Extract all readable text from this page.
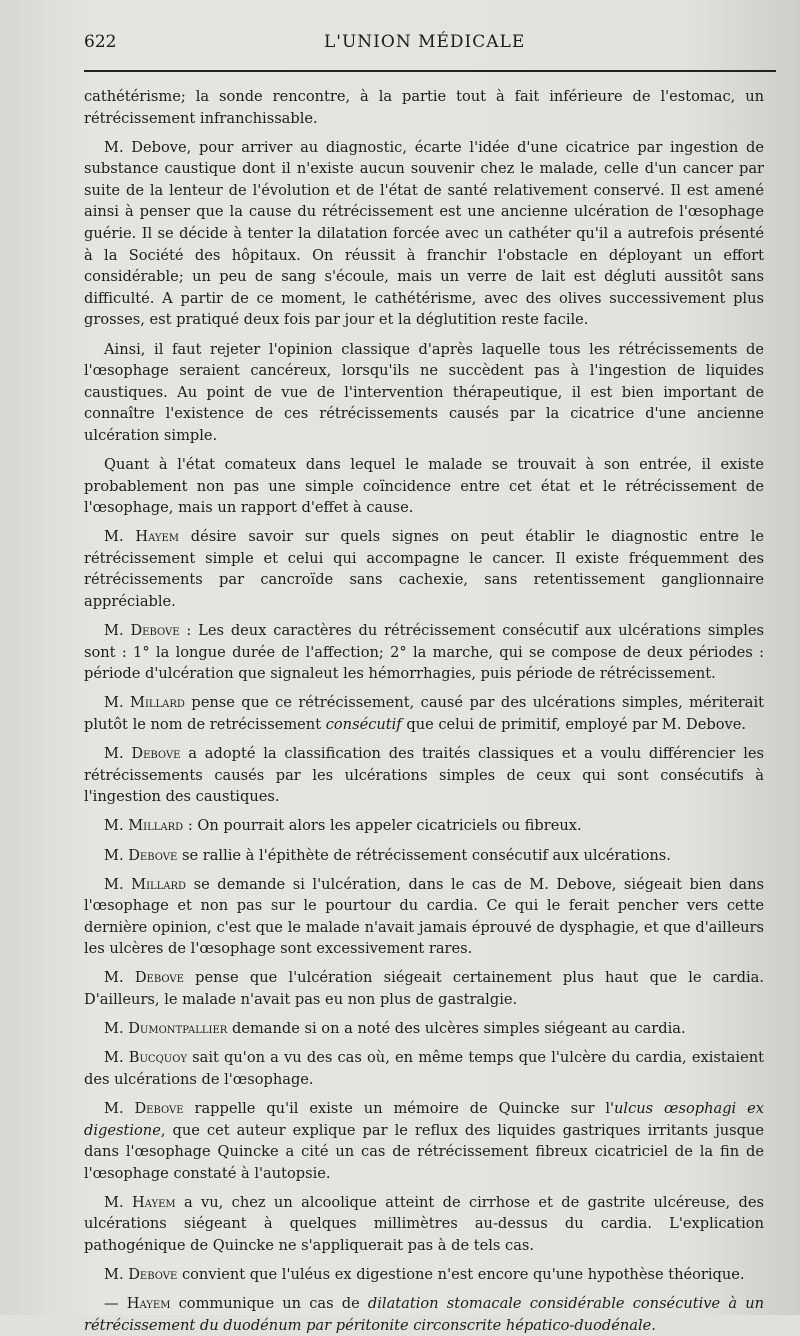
622	L'UNION MÉDICALE

cathétérisme; la sonde rencontre, à la partie tout à fait inférieure de l'estomac, un rétrécissement infranchissable.

M. Debove, pour arriver au diagnostic, écarte l'idée d'une cicatrice par ingestion de substance caustique dont il n'existe aucun souvenir chez le malade, celle d'un cancer par suite de la lenteur de l'évolution et de l'état de santé relativement conservé. Il est amené ainsi à penser que la cause du rétrécissement est une ancienne ulcération de l'œsophage guérie. Il se décide à tenter la dilatation forcée avec un cathéter qu'il a autrefois présenté à la Société des hôpitaux. On réussit à franchir l'obstacle en déployant un effort considérable; un peu de sang s'écoule, mais un verre de lait est dégluti aussitôt sans difficulté. A partir de ce moment, le cathétérisme, avec des olives successivement plus grosses, est pratiqué deux fois par jour et la déglutition reste facile.

Ainsi, il faut rejeter l'opinion classique d'après laquelle tous les rétrécissements de l'œsophage seraient cancéreux, lorsqu'ils ne succèdent pas à l'ingestion de liquides caustiques. Au point de vue de l'intervention thérapeutique, il est bien important de connaître l'existence de ces rétrécissements causés par la cicatrice d'une ancienne ulcération simple.

Quant à l'état comateux dans lequel le malade se trouvait à son entrée, il existe probablement non pas une simple coïncidence entre cet état et le rétrécissement de l'œsophage, mais un rapport d'effet à cause.

M. Hayem désire savoir sur quels signes on peut établir le diagnostic entre le rétrécissement simple et celui qui accompagne le cancer. Il existe fréquemment des rétrécissements par cancroïde sans cachexie, sans retentissement ganglionnaire appréciable.

M. Debove : Les deux caractères du rétrécissement consécutif aux ulcérations simples sont : 1° la longue durée de l'affection; 2° la marche, qui se compose de deux périodes : période d'ulcération que signaleut les hémorrhagies, puis période de rétrécissement.

M. Millard pense que ce rétrécissement, causé par des ulcérations simples, mériterait plutôt le nom de retrécissement consécutif que celui de primitif, employé par M. Debove.

M. Debove a adopté la classification des traités classiques et a voulu différencier les rétrécissements causés par les ulcérations simples de ceux qui sont consécutifs à l'ingestion des caustiques.

M. Millard : On pourrait alors les appeler cicatriciels ou fibreux.

M. Debove se rallie à l'épithète de rétrécissement consécutif aux ulcérations.

M. Millard se demande si l'ulcération, dans le cas de M. Debove, siégeait bien dans l'œsophage et non pas sur le pourtour du cardia. Ce qui le ferait pencher vers cette dernière opinion, c'est que le malade n'avait jamais éprouvé de dysphagie, et que d'ailleurs les ulcères de l'œsophage sont excessivement rares.

M. Debove pense que l'ulcération siégeait certainement plus haut que le cardia. D'ailleurs, le malade n'avait pas eu non plus de gastralgie.

M. Dumontpallier demande si on a noté des ulcères simples siégeant au cardia.

M. Bucquoy sait qu'on a vu des cas où, en même temps que l'ulcère du cardia, existaient des ulcérations de l'œsophage.

M. Debove rappelle qu'il existe un mémoire de Quincke sur l'ulcus œsophagi ex digestione, que cet auteur explique par le reflux des liquides gastriques irritants jusque dans l'œsophage Quincke a cité un cas de rétrécissement fibreux cicatriciel de la fin de l'œsophage constaté à l'autopsie.

M. Hayem a vu, chez un alcoolique atteint de cirrhose et de gastrite ulcéreuse, des ulcérations siégeant à quelques millimètres au-dessus du cardia. L'explication pathogénique de Quincke ne s'appliquerait pas à de tels cas.

M. Debove convient que l'uléus ex digestione n'est encore qu'une hypothèse théorique.

— Hayem communique un cas de dilatation stomacale considérable consécutive à un rétrécissement du duodénum par péritonite circonscrite hépatico-duodénale.
